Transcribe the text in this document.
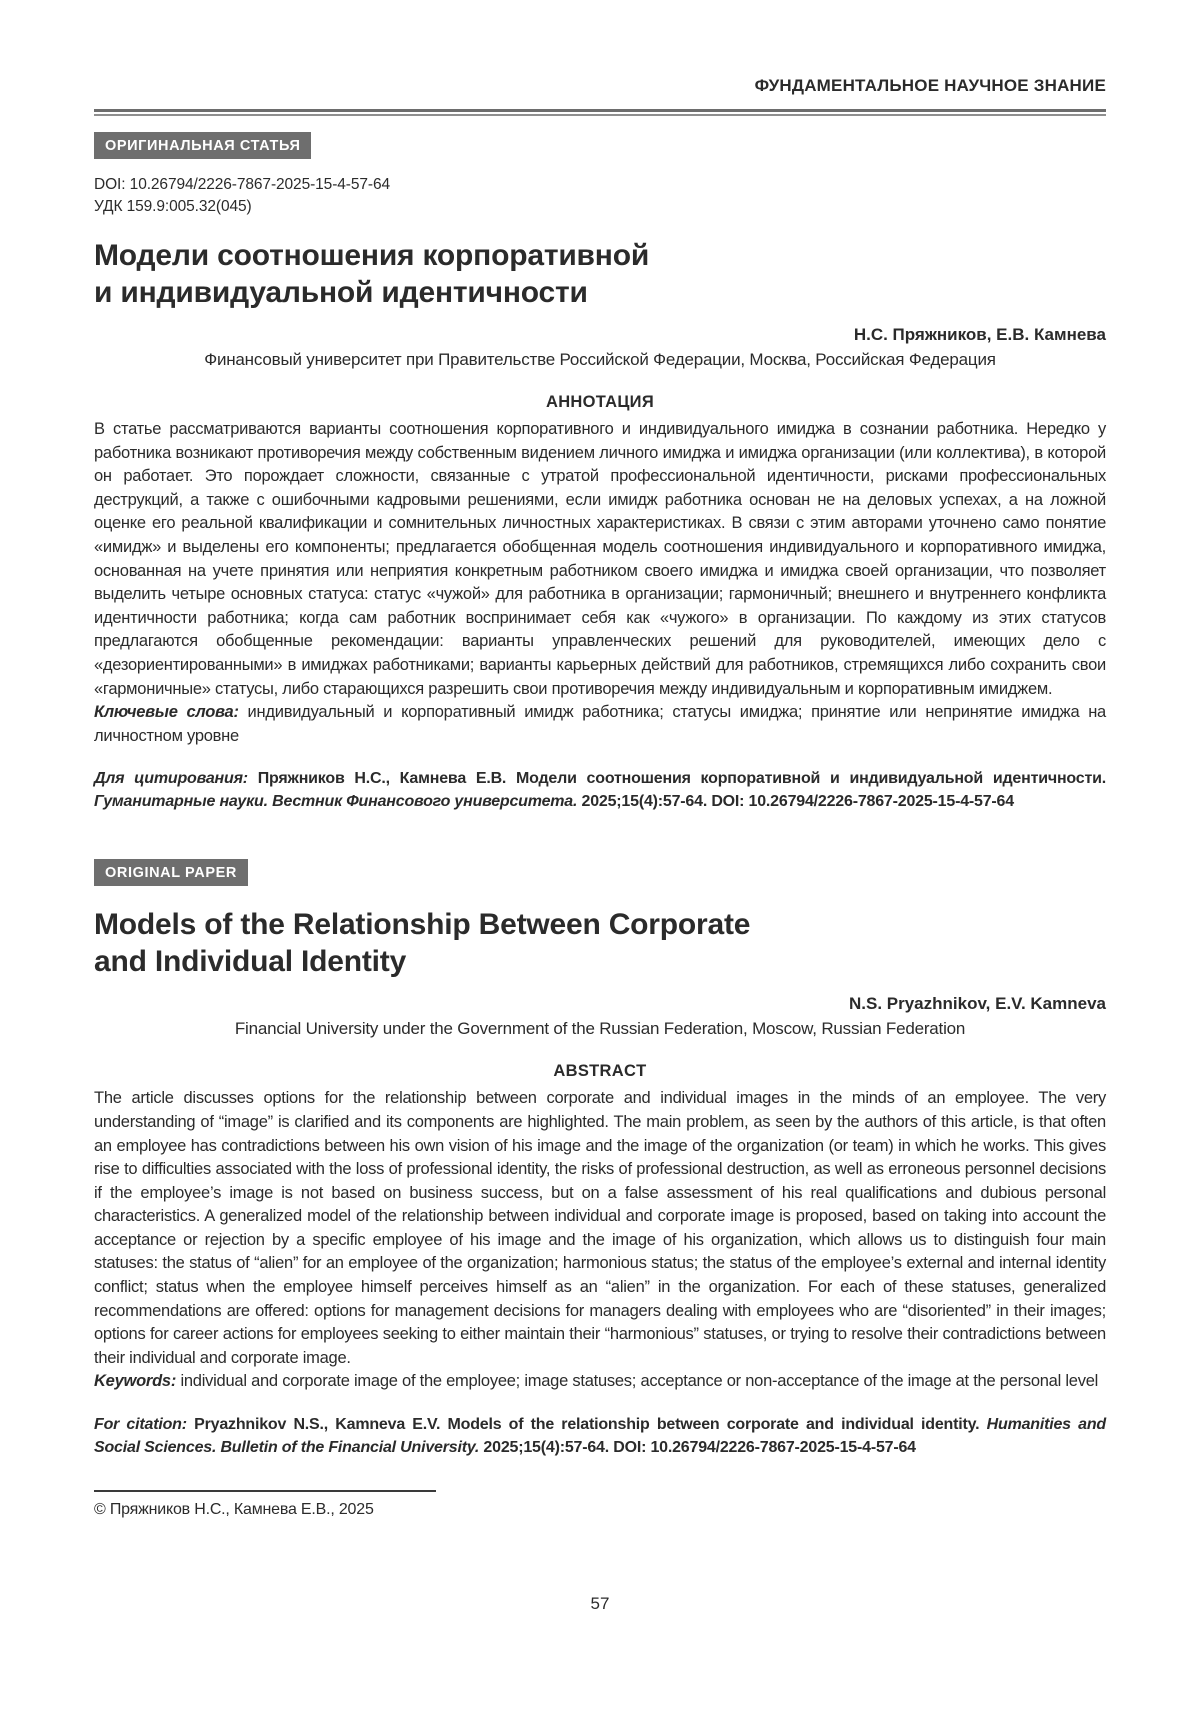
ФУНДАМЕНТАЛЬНОЕ НАУЧНОЕ ЗНАНИЕ
ОРИГИНАЛЬНАЯ СТАТЬЯ
DOI: 10.26794/2226-7867-2025-15-4-57-64
УДК 159.9:005.32(045)
Модели соотношения корпоративной
и индивидуальной идентичности
Н.С. Пряжников, Е.В. Камнева
Финансовый университет при Правительстве Российской Федерации, Москва, Российская Федерация
АННОТАЦИЯ

В статье рассматриваются варианты соотношения корпоративного и индивидуального имиджа в сознании работника. Нередко у работника возникают противоречия между собственным видением личного имиджа и имиджа организации (или коллектива), в которой он работает. Это порождает сложности, связанные с утратой профессиональной идентичности, рисками профессиональных деструкций, а также с ошибочными кадровыми решениями, если имидж работника основан не на деловых успехах, а на ложной оценке его реальной квалификации и сомнительных личностных характеристиках. В связи с этим авторами уточнено само понятие «имидж» и выделены его компоненты; предлагается обобщенная модель соотношения индивидуального и корпоративного имиджа, основанная на учете принятия или неприятия конкретным работником своего имиджа и имиджа своей организации, что позволяет выделить четыре основных статуса: статус «чужой» для работника в организации; гармоничный; внешнего и внутреннего конфликта идентичности работника; когда сам работник воспринимает себя как «чужого» в организации. По каждому из этих статусов предлагаются обобщенные рекомендации: варианты управленческих решений для руководителей, имеющих дело с «дезориентированными» в имиджах работниками; варианты карьерных действий для работников, стремящихся либо сохранить свои «гармоничные» статусы, либо старающихся разрешить свои противоречия между индивидуальным и корпоративным имиджем.

Ключевые слова: индивидуальный и корпоративный имидж работника; статусы имиджа; принятие или непринятие имиджа на личностном уровне

Для цитирования: Пряжников Н.С., Камнева Е.В. Модели соотношения корпоративной и индивидуальной идентичности. Гуманитарные науки. Вестник Финансового университета. 2025;15(4):57-64. DOI: 10.26794/2226-7867-2025-15-4-57-64

ORIGINAL PAPER
Models of the Relationship Between Corporate
and Individual Identity
N.S. Pryazhnikov, E.V. Kamneva
Financial University under the Government of the Russian Federation, Moscow, Russian Federation
ABSTRACT

The article discusses options for the relationship between corporate and individual images in the minds of an employee. The very understanding of “image” is clarified and its components are highlighted. The main problem, as seen by the authors of this article, is that often an employee has contradictions between his own vision of his image and the image of the organization (or team) in which he works. This gives rise to difficulties associated with the loss of professional identity, the risks of professional destruction, as well as erroneous personnel decisions if the employee’s image is not based on business success, but on a false assessment of his real qualifications and dubious personal characteristics. A generalized model of the relationship between individual and corporate image is proposed, based on taking into account the acceptance or rejection by a specific employee of his image and the image of his organization, which allows us to distinguish four main statuses: the status of “alien” for an employee of the organization; harmonious status; the status of the employee’s external and internal identity conflict; status when the employee himself perceives himself as an “alien” in the organization. For each of these statuses, generalized recommendations are offered: options for management decisions for managers dealing with employees who are “disoriented” in their images; options for career actions for employees seeking to either maintain their “harmonious” statuses, or trying to resolve their contradictions between their individual and corporate image.

Keywords: individual and corporate image of the employee; image statuses; acceptance or non-acceptance of the image at the personal level

For citation: Pryazhnikov N.S., Kamneva E.V. Models of the relationship between corporate and individual identity. Humanities and Social Sciences. Bulletin of the Financial University. 2025;15(4):57-64. DOI: 10.26794/2226-7867-2025-15-4-57-64

© Пряжников Н.С., Камнева Е.В., 2025
57
